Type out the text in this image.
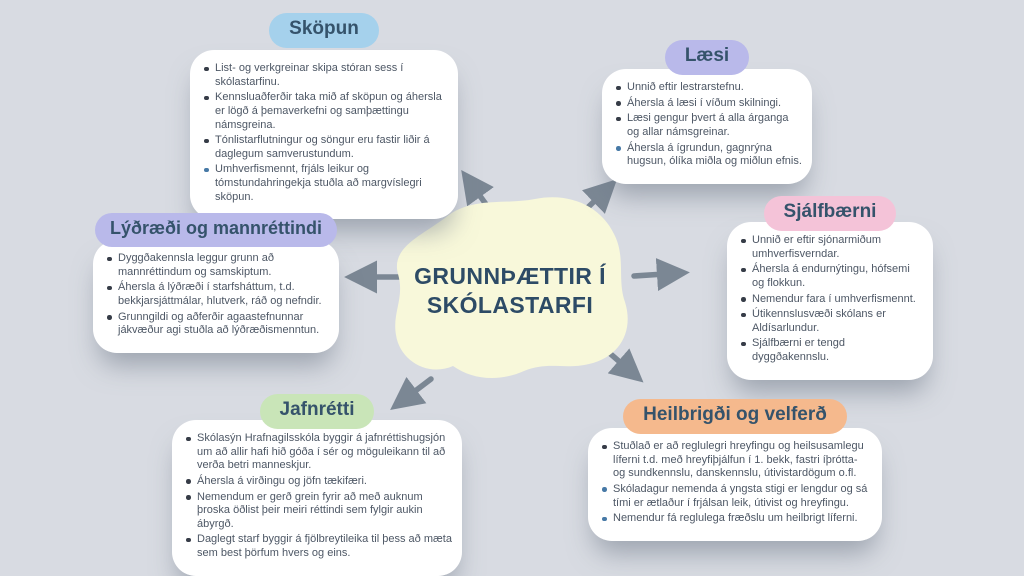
GRUNNÞÆTTIR Í SKÓLASTARFI
Sköpun
List- og verkgreinar skipa stóran sess í skólastarfinu.
Kennsluaðferðir taka mið af sköpun og áhersla er lögð á þemaverkefni og samþættingu námsgreina.
Tónlistarflutningur og söngur eru fastir liðir á daglegum samverustundum.
Umhverfismennt, frjáls leikur og tómstundahringekja stuðla að margvíslegri sköpun.
Læsi
Unnið eftir lestrarstefnu.
Áhersla á læsi í víðum skilningi.
Læsi gengur þvert á alla árganga og allar námsgreinar.
Áhersla á ígrundun, gagnrýna hugsun, ólíka miðla og miðlun efnis.
Sjálfbærni
Unnið er eftir sjónarmiðum umhverfisverndar.
Áhersla á endurnýtingu, hófsemi og flokkun.
Nemendur fara í umhverfismennt.
Útikennslusvæði skólans er Aldísarlundur.
Sjálfbærni er tengd dyggðakennslu.
Lýðræði og mannréttindi
Dyggðakennsla leggur grunn að mannréttindum og samskiptum.
Áhersla á lýðræði í starfsháttum, t.d. bekkjarsjáttmálar, hlutverk, ráð og nefndir.
Grunngildi og aðferðir agaastefnunnar jákvæður agi stuðla að lýðræðismenntun.
Jafnrétti
Skólasýn Hrafnagilsskóla byggir á jafnréttishugsjón um að allir hafi hið góða í sér og möguleikann til að verða betri manneskjur.
Áhersla á virðingu og jöfn tækifæri.
Nemendum er gerð grein fyrir að með auknum þroska öðlist þeir meiri réttindi sem fylgir aukin ábyrgð.
Daglegt starf byggir á fjölbreytileika til þess að mæta sem best þörfum hvers og eins.
Heilbrigði og velferð
Stuðlað er að reglulegri hreyfingu og heilsusamlegu líferni t.d. með hreyfiþjálfun í 1. bekk, fastri íþrótta- og sundkennslu, danskennslu, útivistardögum o.fl.
Skóladagur nemenda á yngsta stigi er lengdur og sá tími er ætlaður í frjálsan leik, útivist og hreyfingu.
Nemendur fá reglulega fræðslu um heilbrigt líferni.
